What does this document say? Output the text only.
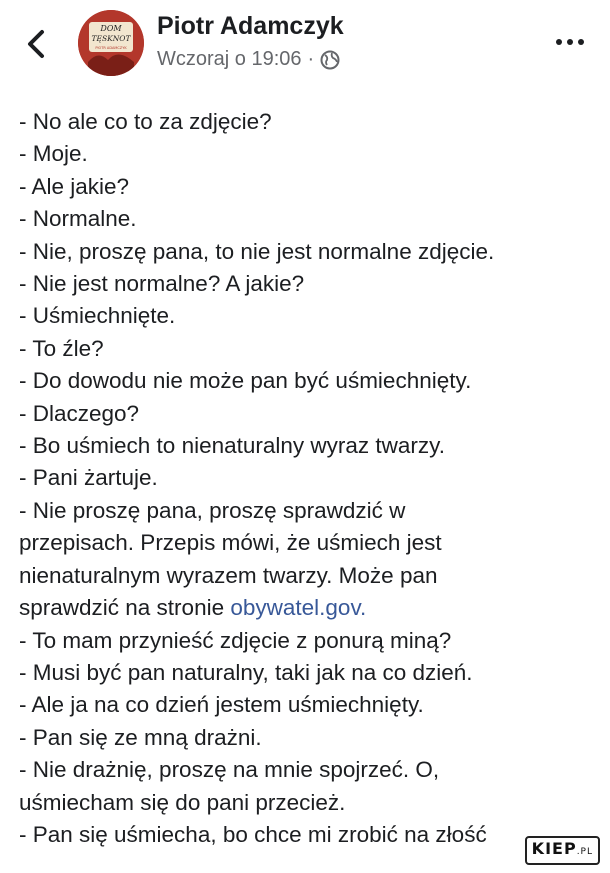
DOM
TĘSKNOT
PIOTR ADAMCZYK
Piotr Adamczyk
Wczoraj o 19:06 ·
- No ale co to za zdjęcie?
- Moje.
- Ale jakie?
- Normalne.
- Nie, proszę pana, to nie jest normalne zdjęcie.
- Nie jest normalne? A jakie?
- Uśmiechnięte.
- To źle?
- Do dowodu nie może pan być uśmiechnięty.
- Dlaczego?
- Bo uśmiech to nienaturalny wyraz twarzy.
- Pani żartuje.
- Nie proszę pana, proszę sprawdzić w
przepisach. Przepis mówi, że uśmiech jest
nienaturalnym wyrazem twarzy. Może pan
sprawdzić na stronie obywatel.gov.
- To mam przynieść zdjęcie z ponurą miną?
- Musi być pan naturalny, taki jak na co dzień.
- Ale ja na co dzień jestem uśmiechnięty.
- Pan się ze mną drażni.
- Nie drażnię, proszę na mnie spojrzeć. O,
uśmiecham się do pani przecież.
- Pan się uśmiecha, bo chce mi zrobić na złość
KIEP.PL
